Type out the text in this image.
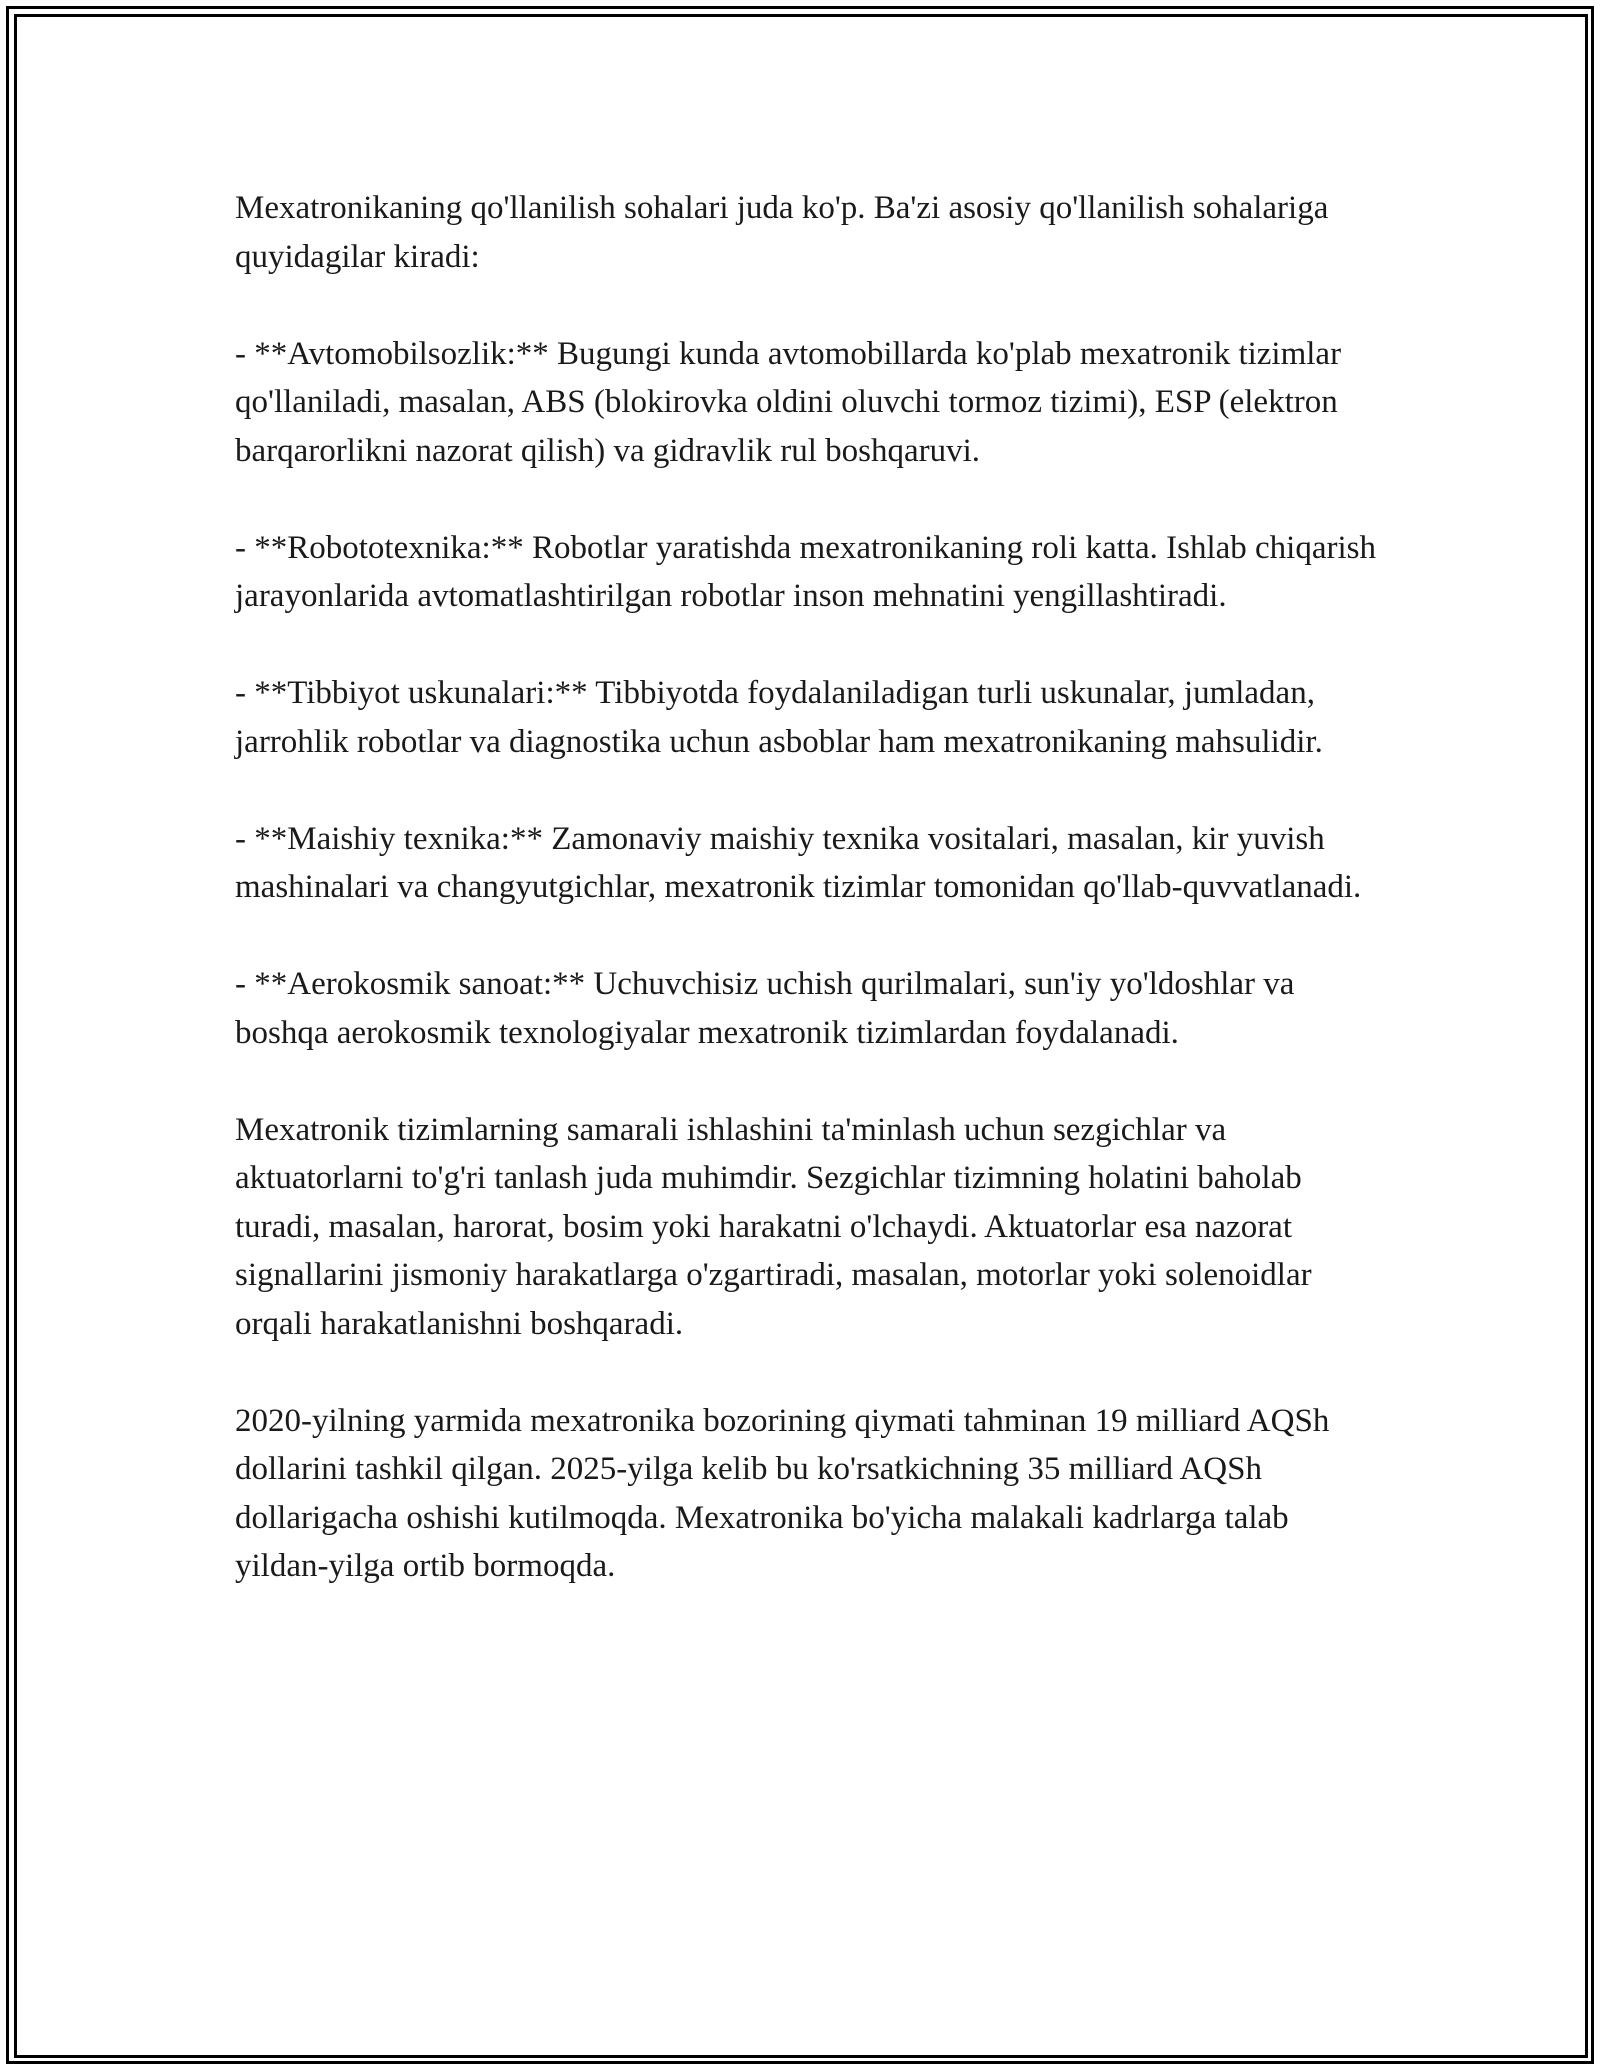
Mexatronikaning qo'llanilish sohalari juda ko'p. Ba'zi asosiy qo'llanilish sohalariga quyidagilar kiradi:

- **Avtomobilsozlik:** Bugungi kunda avtomobillarda ko'plab mexatronik tizimlar qo'llaniladi, masalan, ABS (blokirovka oldini oluvchi tormoz tizimi), ESP (elektron barqarorlikni nazorat qilish) va gidravlik rul boshqaruvi.

- **Robototexnika:** Robotlar yaratishda mexatronikaning roli katta. Ishlab chiqarish jarayonlarida avtomatlashtirilgan robotlar inson mehnatini yengillashtiradi.

- **Tibbiyot uskunalari:** Tibbiyotda foydalaniladigan turli uskunalar, jumladan, jarrohlik robotlar va diagnostika uchun asboblar ham mexatronikaning mahsulidir.

- **Maishiy texnika:** Zamonaviy maishiy texnika vositalari, masalan, kir yuvish mashinalari va changyutgichlar, mexatronik tizimlar tomonidan qo'llab-quvvatlanadi.

- **Aerokosmik sanoat:** Uchuvchisiz uchish qurilmalari, sun'iy yo'ldoshlar va boshqa aerokosmik texnologiyalar mexatronik tizimlardan foydalanadi.

Mexatronik tizimlarning samarali ishlashini ta'minlash uchun sezgichlar va aktuatorlarni to'g'ri tanlash juda muhimdir. Sezgichlar tizimning holatini baholab turadi, masalan, harorat, bosim yoki harakatni o'lchaydi. Aktuatorlar esa nazorat signallarini jismoniy harakatlarga o'zgartiradi, masalan, motorlar yoki solenoidlar orqali harakatlanishni boshqaradi.

2020-yilning yarmida mexatronika bozorining qiymati tahminan 19 milliard AQSh dollarini tashkil qilgan. 2025-yilga kelib bu ko'rsatkichning 35 milliard AQSh dollarigacha oshishi kutilmoqda. Mexatronika bo'yicha malakali kadrlarga talab yildan-yilga ortib bormoqda.
